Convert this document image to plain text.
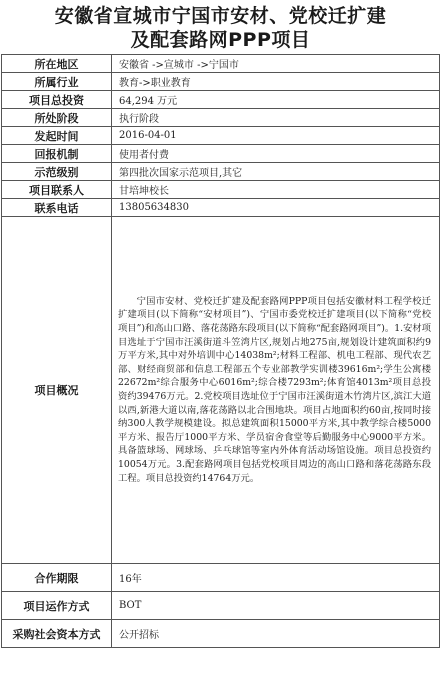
安徽省宣城市宁国市安材、党校迁扩建
及配套路网PPP项目
所在地区	安徽省 ->宣城市 ->宁国市
所属行业	教育->职业教育
项目总投资	64,294 万元
所处阶段	执行阶段
发起时间	2016-04-01
回报机制	使用者付费
示范级别	第四批次国家示范项目,其它
项目联系人	甘培坤校长
联系电话	13805634830
项目概况	宁国市安材、党校迁扩建及配套路网PPP项目包括安徽材料工程学校迁扩建项目(以下简称“安材项目”)、宁国市委党校迁扩建项目(以下简称“党校项目”)和高山口路、落花荡路东段项目(以下简称“配套路网项目”)。1.安材项目选址于宁国市汪溪街道斗笠湾片区,规划占地275亩,规划设计建筑面积约9万平方米,其中对外培训中心14038m²;材料工程部、机电工程部、现代农艺部、财经商贸部和信息工程部五个专业部教学实训楼39616m²;学生公寓楼22672m²综合服务中心6016m²;综合楼7293m²;体育馆4013m²项目总投资约39476万元。2.党校项目选址位于宁国市汪溪街道木竹湾片区,滨江大道以西,新港大道以南,落花荡路以北合围地块。项目占地面积约60亩,按同时接纳300人教学规模建设。拟总建筑面积15000平方米,其中教学综合楼5000平方米、报告厅1000平方米、学员宿舍食堂等后勤服务中心9000平方米。具备篮球场、网球场、乒乓球馆等室内外体育活动场馆设施。项目总投资约10054万元。3.配套路网项目包括党校项目周边的高山口路和落花荡路东段工程。项目总投资约14764万元。

合作期限	16年
项目运作方式	BOT
采购社会资本方式	公开招标
